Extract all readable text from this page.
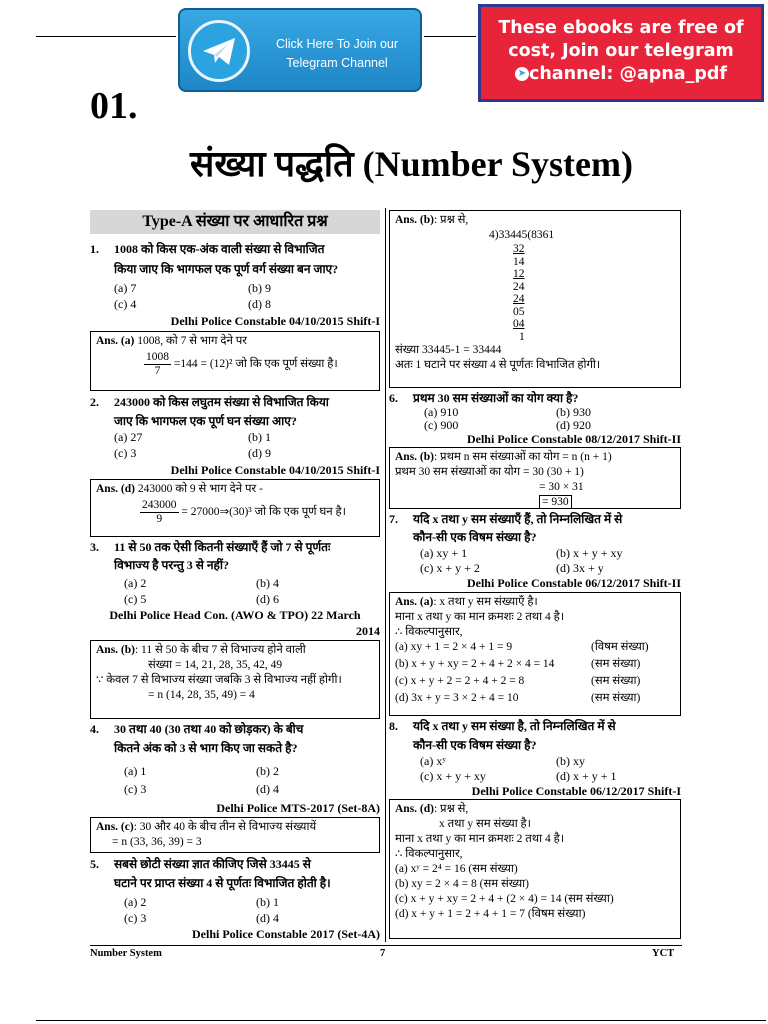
Click Here To Join our
Telegram Channel
These ebooks are free of
cost, Join our telegram
➤ channel: @apna_pdf
01.
संख्या पद्धति (Number System)
Type-A संख्या पर आधारित प्रश्न
1. 1008 को किस एक-अंक वाली संख्या से विभाजित
किया जाए कि भागफल एक पूर्ण वर्ग संख्या बन जाए?
(a) 7	(b) 9
(c) 4	(d) 8
Delhi Police Constable 04/10/2015 Shift-I
Ans. (a) 1008, को 7 से भाग देने पर
$\frac{1008}{7} =144 = (12)^2$ जो कि एक पूर्ण संख्या है।
2. 243000 को किस लघुतम संख्या से विभाजित किया
जाए कि भागफल एक पूर्ण घन संख्या आए?
(a) 27	(b) 1
(c) 3	(d) 9
Delhi Police Constable 04/10/2015 Shift-I
Ans. (d) 243000 को 9 से भाग देने पर -
$\frac{243000}{9}$ = 27000⇒(30)³ जो कि एक पूर्ण घन है।
3. 11 से 50 तक ऐसी कितनी संख्याएँ हैं जो 7 से पूर्णतः
विभाज्य है परन्तु 3 से नहीं?
(a) 2	(b) 4
(c) 5	(d) 6
Delhi Police Head Con. (AWO & TPO) 22 March
2014
Ans. (b): 11 से 50 के बीच 7 से विभाज्य होने वाली
संख्या = 14, 21, 28, 35, 42, 49
∵ केवल 7 से विभाज्य संख्या जबकि 3 से विभाज्य नहीं होगी।
= n (14, 28, 35, 49) = 4
4. 30 तथा 40 (30 तथा 40 को छोड़कर) के बीच
कितने अंक को 3 से भाग किए जा सकते है?
(a) 1	(b) 2
(c) 3	(d) 4
Delhi Police MTS-2017 (Set-8A)
Ans. (c): 30 और 40 के बीच तीन से विभाज्य संख्यायें
= n (33, 36, 39) = 3
5. सबसे छोटी संख्या ज्ञात कीजिए जिसे 33445 से
घटाने पर प्राप्त संख्या 4 से पूर्णतः विभाजित होती है।
(a) 2	(b) 1
(c) 3	(d) 4
Delhi Police Constable 2017 (Set-4A)
Ans. (b): प्रश्न से,
4)33445(8361
32
14
12
24
24
05
04
1
संख्या 33445-1 = 33444
अतः 1 घटाने पर संख्या 4 से पूर्णतः विभाजित होगी।
6. प्रथम 30 सम संख्याओं का योग क्या है?
(a) 910	(b) 930
(c) 900	(d) 920
Delhi Police Constable 08/12/2017 Shift-II
Ans. (b): प्रथम n सम संख्याओं का योग = n (n + 1)
प्रथम 30 सम संख्याओं का योग = 30 (30 + 1)
= 30 × 31
= 930
7. यदि x तथा y सम संख्याएँ हैं, तो निम्नलिखित में से
कौन-सी एक विषम संख्या है?
(a) xy + 1	(b) x + y + xy
(c) x + y + 2	(d) 3x + y
Delhi Police Constable 06/12/2017 Shift-II
Ans. (a): x तथा y सम संख्याएँ है।
माना x तथा y का मान क्रमशः 2 तथा 4 है।
∴ विकल्पानुसार,
(a) xy + 1 = 2 × 4 + 1 = 9	(विषम संख्या)
(b) x + y + xy = 2 + 4 + 2 × 4 = 14	(सम संख्या)
(c) x + y + 2 = 2 + 4 + 2 = 8	(सम संख्या)
(d) 3x + y = 3 × 2 + 4 = 10	(सम संख्या)
8. यदि x तथा y सम संख्या है, तो निम्नलिखित में से
कौन-सी एक विषम संख्या है?
(a) xʸ	(b) xy
(c) x + y + xy	(d) x + y + 1
Delhi Police Constable 06/12/2017 Shift-I
Ans. (d): प्रश्न से,
x तथा y सम संख्या है।
माना x तथा y का मान क्रमशः 2 तथा 4 है।
∴ विकल्पानुसार,
(a) xʸ = 2⁴ = 16 (सम संख्या)
(b) xy = 2 × 4 = 8 (सम संख्या)
(c) x + y + xy = 2 + 4 + (2 × 4) = 14 (सम संख्या)
(d) x + y + 1 = 2 + 4 + 1 = 7 (विषम संख्या)
Number System	7	YCT
